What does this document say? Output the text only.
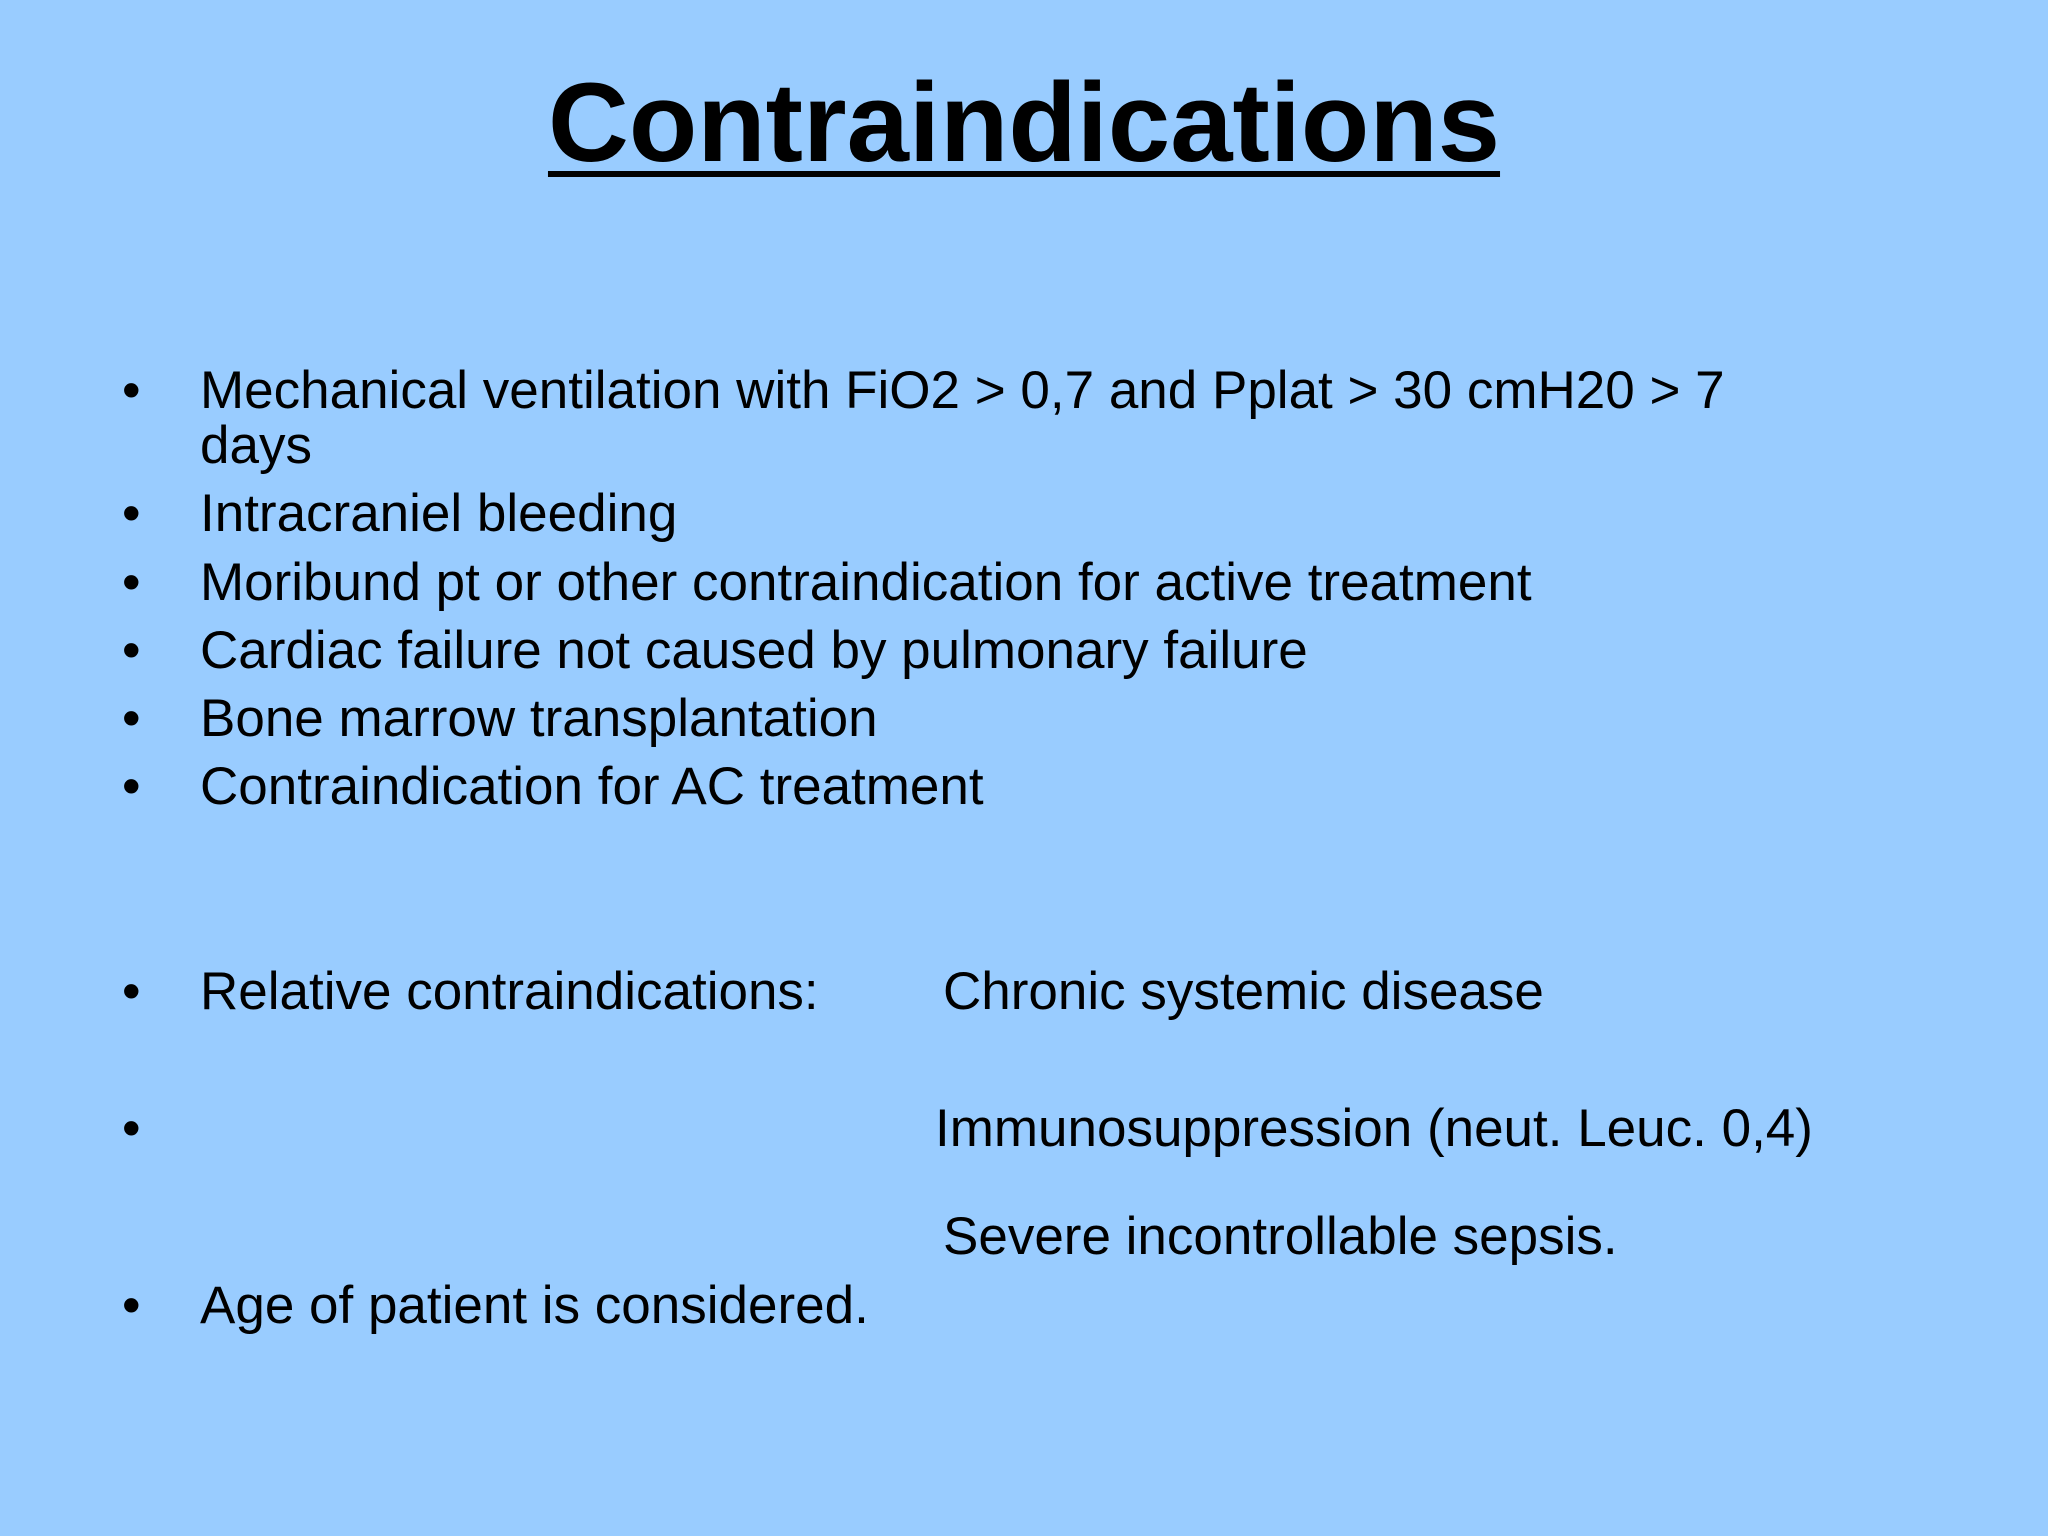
Contraindications
• Mechanical ventilation with FiO2 > 0,7 and Pplat > 30 cmH20 > 7
days
• Intracraniel bleeding
• Moribund pt or other contraindication for active treatment
• Cardiac failure not caused by pulmonary failure
• Bone marrow transplantation
• Contraindication for AC treatment
• Relative contraindications: Chronic systemic disease
•	Immunosuppression (neut. Leuc. 0,4)
Severe incontrollable sepsis.
• Age of patient is considered.
